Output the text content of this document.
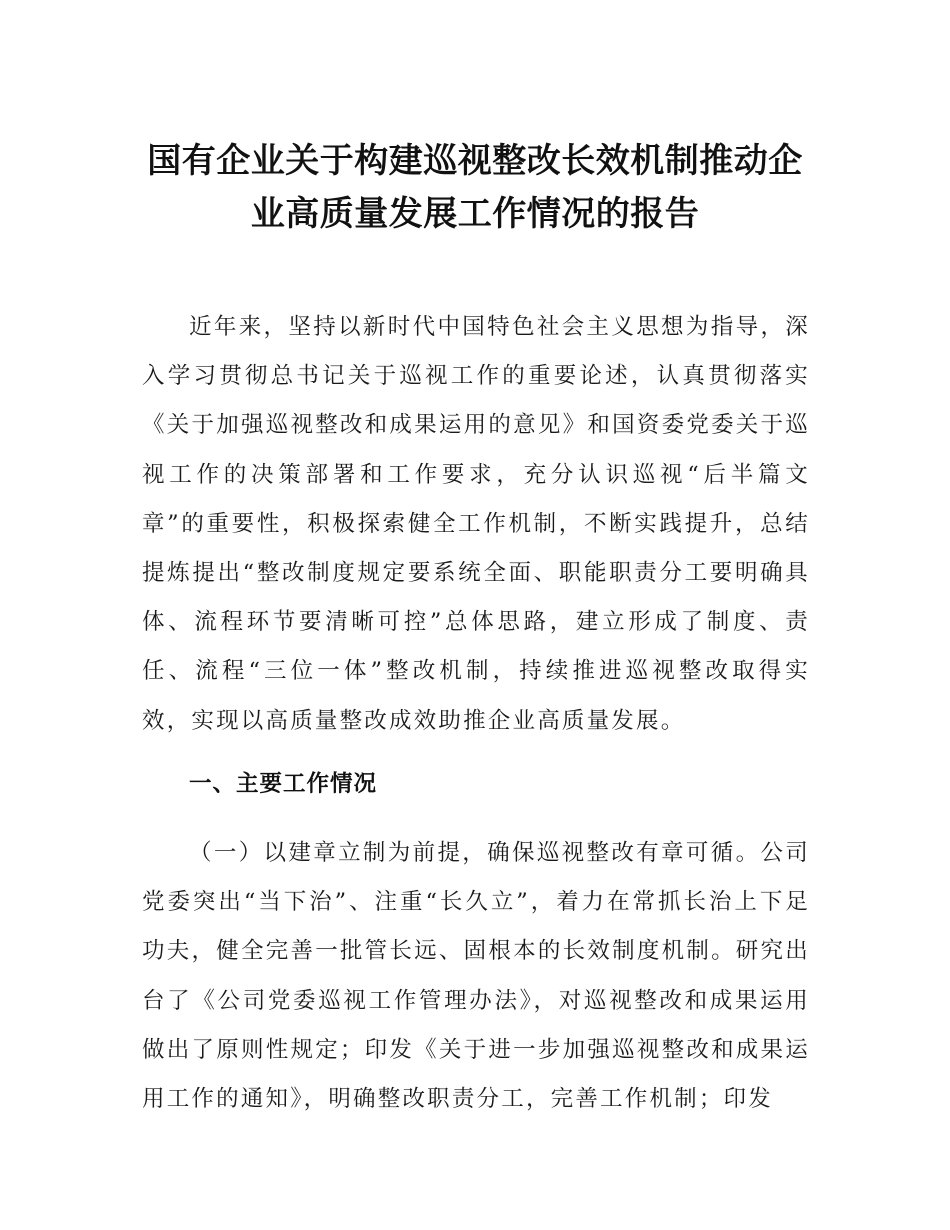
国有企业关于构建巡视整改长效机制推动企业高质量发展工作情况的报告

近年来，坚持以新时代中国特色社会主义思想为指导，深入学习贯彻总书记关于巡视工作的重要论述，认真贯彻落实《关于加强巡视整改和成果运用的意见》和国资委党委关于巡视工作的决策部署和工作要求，充分认识巡视“后半篇文章”的重要性，积极探索健全工作机制，不断实践提升，总结提炼提出“整改制度规定要系统全面、职能职责分工要明确具体、流程环节要清晰可控”总体思路，建立形成了制度、责任、流程“三位一体”整改机制，持续推进巡视整改取得实效，实现以高质量整改成效助推企业高质量发展。

一、主要工作情况

（一）以建章立制为前提，确保巡视整改有章可循。公司党委突出“当下治”、注重“长久立”，着力在常抓长治上下足功夫，健全完善一批管长远、固根本的长效制度机制。研究出台了《公司党委巡视工作管理办法》，对巡视整改和成果运用做出了原则性规定；印发《关于进一步加强巡视整改和成果运用工作的通知》，明确整改职责分工，完善工作机制；印发
